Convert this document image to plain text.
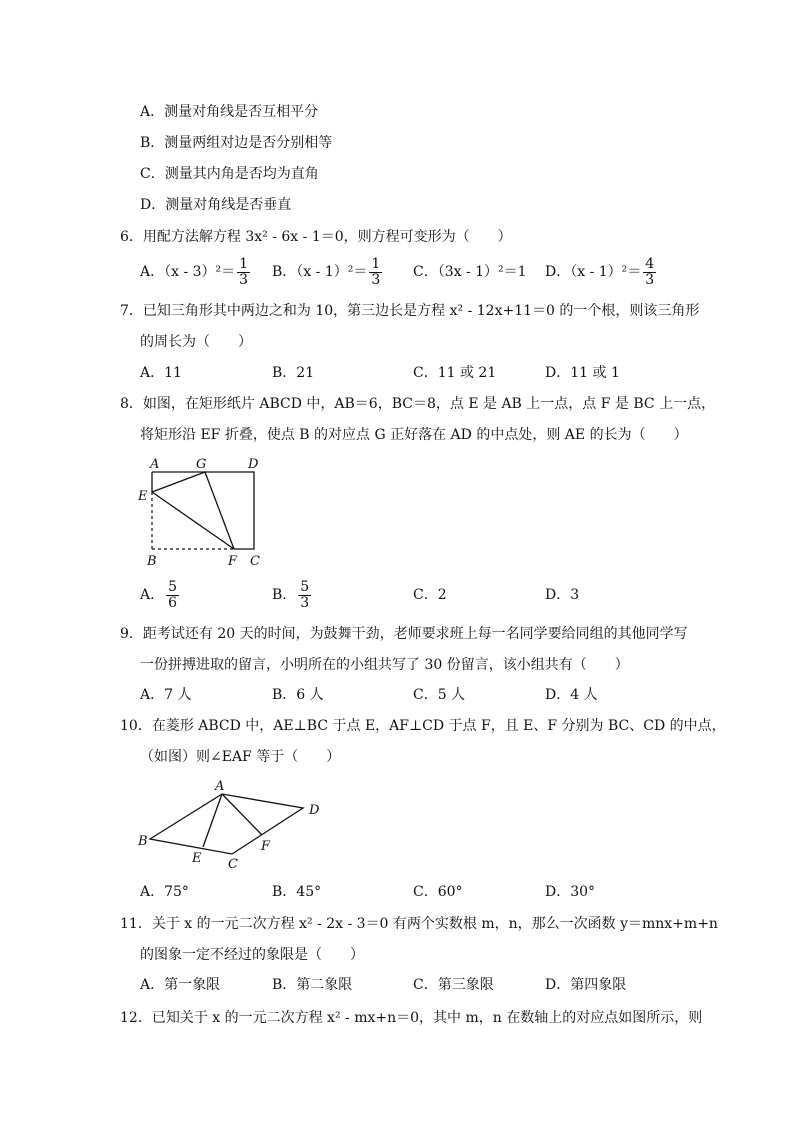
A．测量对角线是否互相平分
B．测量两组对边是否分别相等
C．测量其内角是否均为直角
D．测量对角线是否垂直
6．用配方法解方程 3x² - 6x - 1＝0，则方程可变形为（　　）
A．$(x - 3)^2= \frac{1}{3}$ B．$(x - 1)^2= \frac{1}{3}$ C．（3x - 1）²＝1 D．$(x - 1)^2= \frac{4}{3}$
7．已知三角形其中两边之和为 10，第三边长是方程 x² - 12x+11＝0 的一个根，则该三角形
的周长为（　　）
A．11	B．21	C．11 或 21	D．11 或 1
8．如图，在矩形纸片 ABCD 中，AB＝6，BC＝8，点 E 是 AB 上一点，点 F 是 BC 上一点，
将矩形沿 EF 折叠，使点 B 的对应点 G 正好落在 AD 的中点处，则 AE 的长为（　　）
A	G	D
E
B	F C
A． $\frac{5}{6}$	B． $\frac{5}{3}$	C．2	D．3
9．距考试还有 20 天的时间，为鼓舞干劲，老师要求班上每一名同学要给同组的其他同学写
一份拼搏进取的留言，小明所在的小组共写了 30 份留言，该小组共有（　　）
A．7 人	B．6 人	C．5 人	D．4 人
10．在菱形 ABCD 中，AE⊥BC 于点 E，AF⊥CD 于点 F，且 E、F 分别为 BC、CD 的中点，
（如图）则∠EAF 等于（　　）
A
B
C
D
E
F
A．75°	B．45°	C．60°	D．30°
11．关于 x 的一元二次方程 x² - 2x - 3＝0 有两个实数根 m，n，那么一次函数 y＝mnx+m+n
的图象一定不经过的象限是（　　）
A．第一象限	B．第二象限	C．第三象限	D．第四象限
12．已知关于 x 的一元二次方程 x² - mx+n＝0，其中 m，n 在数轴上的对应点如图所示，则
